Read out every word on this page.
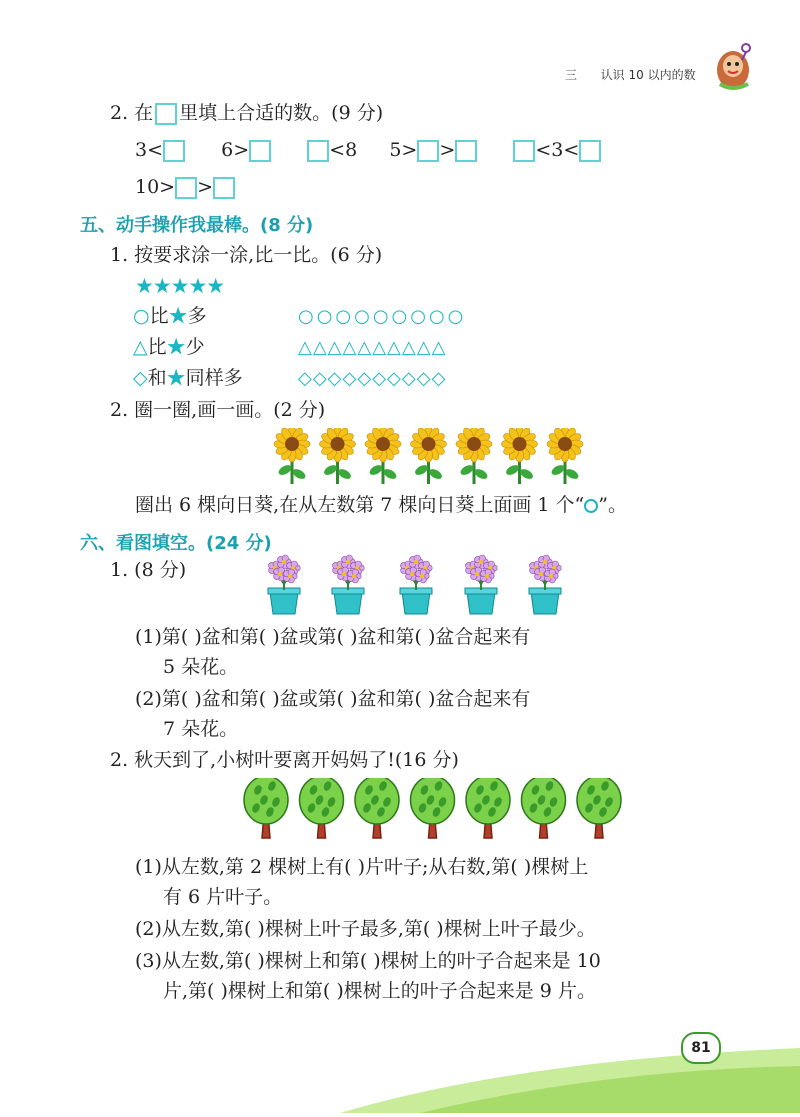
三 认识 10 以内的数
2. 在 里填上合适的数。(9 分)
3<	6>	<8 5> >	<3<
10> >
五、动手操作我最棒。(8 分)
1. 按要求涂一涂,比一比。(6 分)
★★★★★
○比★多	○○○○○○○○○
△比★少	△△△△△△△△△△
◇和★同样多	◇◇◇◇◇◇◇◇◇◇
2. 圈一圈,画一画。(2 分)
圈出 6 棵向日葵,在从左数第 7 棵向日葵上面画 1 个“ ”。
六、看图填空。(24 分)
1. (8 分)
(1)第( )盆和第( )盆或第( )盆和第( )盆合起来有
5 朵花。
(2)第( )盆和第( )盆或第( )盆和第( )盆合起来有
7 朵花。
2. 秋天到了,小树叶要离开妈妈了!(16 分)
(1)从左数,第 2 棵树上有( )片叶子;从右数,第( )棵树上
有 6 片叶子。
(2)从左数,第( )棵树上叶子最多,第( )棵树上叶子最少。
(3)从左数,第( )棵树上和第( )棵树上的叶子合起来是 10
片,第( )棵树上和第( )棵树上的叶子合起来是 9 片。
81
